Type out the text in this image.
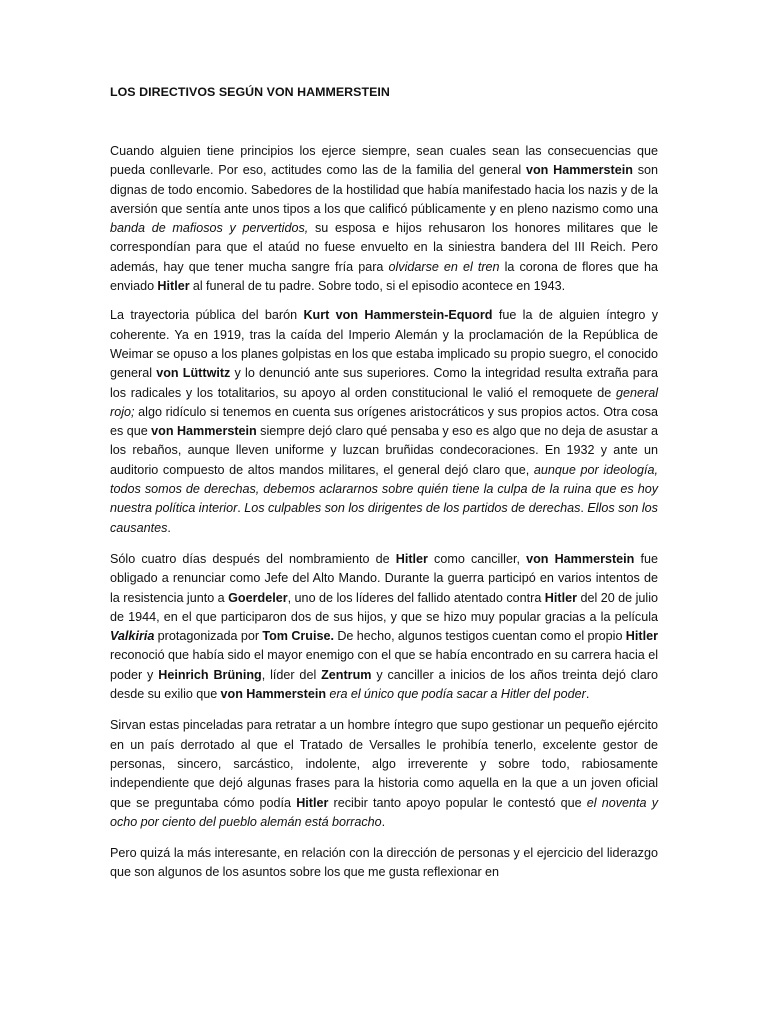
LOS DIRECTIVOS SEGÚN VON HAMMERSTEIN

Cuando alguien tiene principios los ejerce siempre, sean cuales sean las consecuencias que pueda conllevarle. Por eso, actitudes como las de la familia del general von Hammerstein son dignas de todo encomio. Sabedores de la hostilidad que había manifestado hacia los nazis y de la aversión que sentía ante unos tipos a los que calificó públicamente y en pleno nazismo como una banda de mafiosos y pervertidos, su esposa e hijos rehusaron los honores militares que le correspondían para que el ataúd no fuese envuelto en la siniestra bandera del III Reich. Pero además, hay que tener mucha sangre fría para olvidarse en el tren la corona de flores que ha enviado Hitler al funeral de tu padre. Sobre todo, si el episodio acontece en 1943.

La trayectoria pública del barón Kurt von Hammerstein-Equord fue la de alguien íntegro y coherente. Ya en 1919, tras la caída del Imperio Alemán y la proclamación de la República de Weimar se opuso a los planes golpistas en los que estaba implicado su propio suegro, el conocido general von Lüttwitz y lo denunció ante sus superiores. Como la integridad resulta extraña para los radicales y los totalitarios, su apoyo al orden constitucional le valió el remoquete de general rojo; algo ridículo si tenemos en cuenta sus orígenes aristocráticos y sus propios actos. Otra cosa es que von Hammerstein siempre dejó claro qué pensaba y eso es algo que no deja de asustar a los rebaños, aunque lleven uniforme y luzcan bruñidas condecoraciones. En 1932 y ante un auditorio compuesto de altos mandos militares, el general dejó claro que, aunque por ideología, todos somos de derechas, debemos aclararnos sobre quién tiene la culpa de la ruina que es hoy nuestra política interior. Los culpables son los dirigentes de los partidos de derechas. Ellos son los causantes.

Sólo cuatro días después del nombramiento de Hitler como canciller, von Hammerstein fue obligado a renunciar como Jefe del Alto Mando. Durante la guerra participó en varios intentos de la resistencia junto a Goerdeler, uno de los líderes del fallido atentado contra Hitler del 20 de julio de 1944, en el que participaron dos de sus hijos, y que se hizo muy popular gracias a la película Valkiria protagonizada por Tom Cruise. De hecho, algunos testigos cuentan como el propio Hitler reconoció que había sido el mayor enemigo con el que se había encontrado en su carrera hacia el poder y Heinrich Brüning, líder del Zentrum y canciller a inicios de los años treinta dejó claro desde su exilio que von Hammerstein era el único que podía sacar a Hitler del poder.

Sirvan estas pinceladas para retratar a un hombre íntegro que supo gestionar un pequeño ejército en un país derrotado al que el Tratado de Versalles le prohibía tenerlo, excelente gestor de personas, sincero, sarcástico, indolente, algo irreverente y sobre todo, rabiosamente independiente que dejó algunas frases para la historia como aquella en la que a un joven oficial que se preguntaba cómo podía Hitler recibir tanto apoyo popular le contestó que el noventa y ocho por ciento del pueblo alemán está borracho.

Pero quizá la más interesante, en relación con la dirección de personas y el ejercicio del liderazgo que son algunos de los asuntos sobre los que me gusta reflexionar en
